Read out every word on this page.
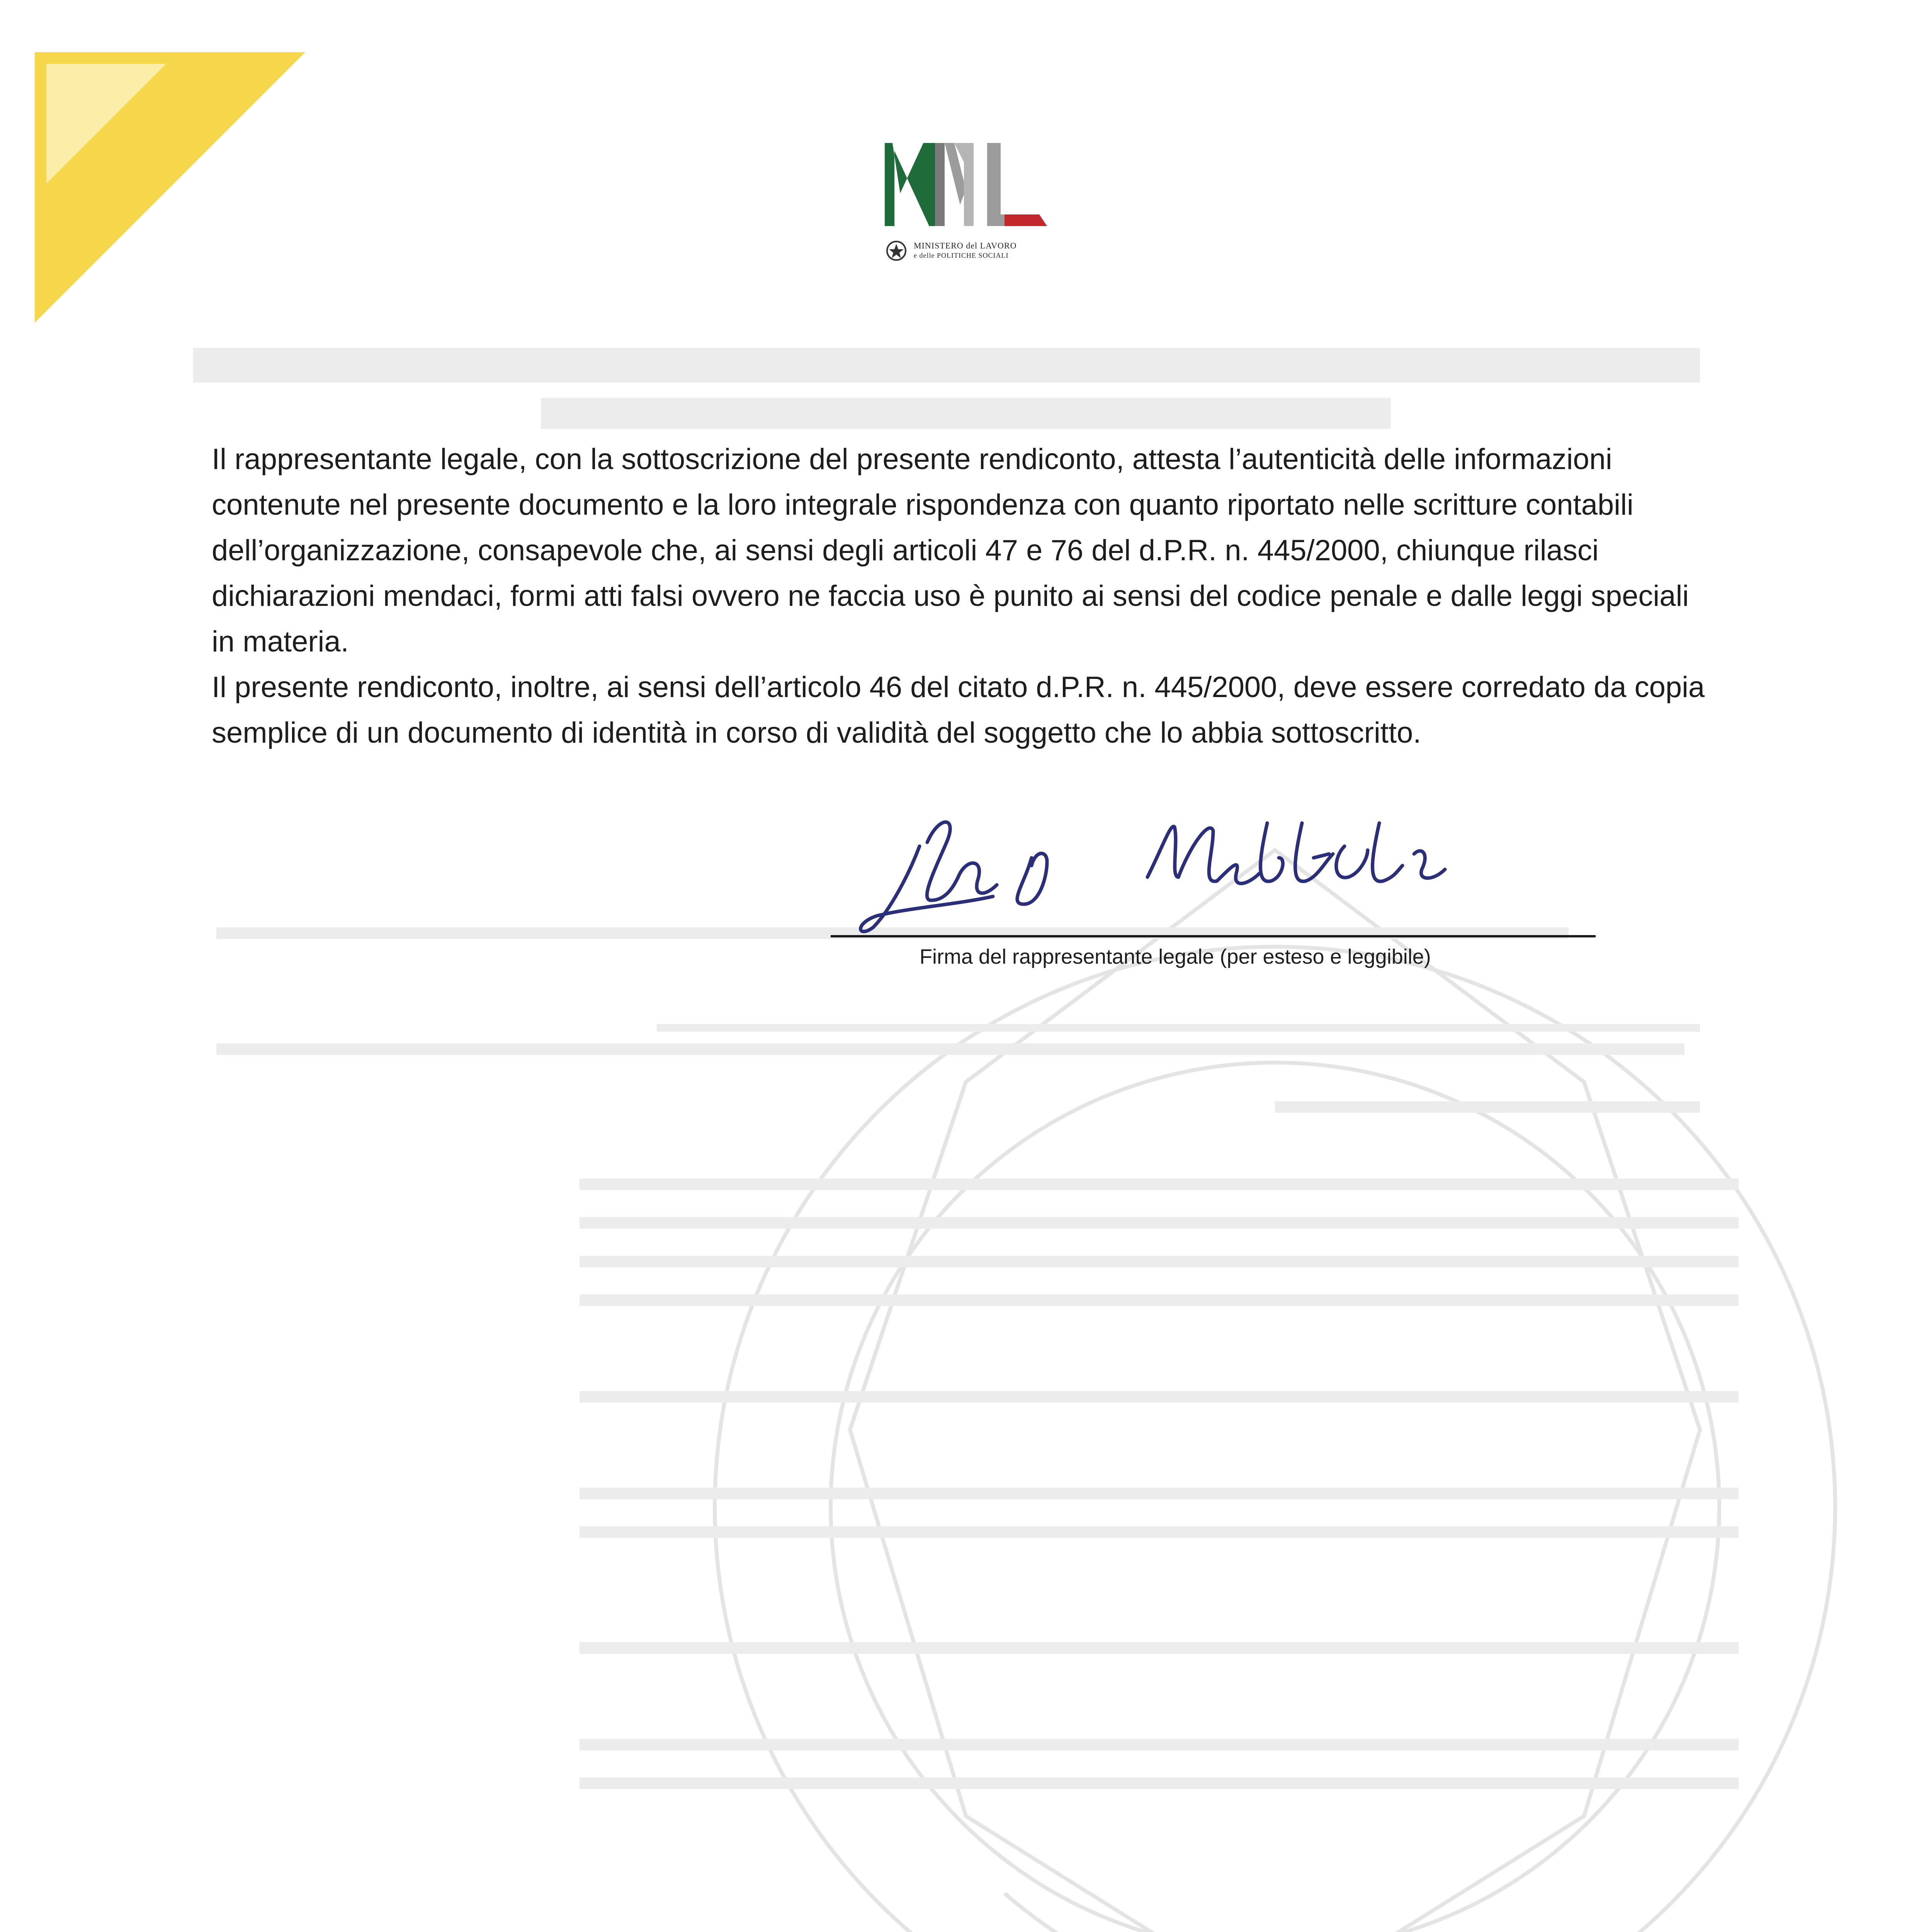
MINISTERO del LAVORO
e delle POLITICHE SOCIALI

Il rappresentante legale, con la sottoscrizione del presente rendiconto, attesta l’autenticità delle informazioni contenute nel presente documento e la loro integrale rispondenza con quanto riportato nelle scritture contabili dell’organizzazione, consapevole che, ai sensi degli articoli 47 e 76 del d.P.R. n. 445/2000, chiunque rilasci dichiarazioni mendaci, formi atti falsi ovvero ne faccia uso è punito ai sensi del codice penale e dalle leggi speciali in materia.

Il presente rendiconto, inoltre, ai sensi dell’articolo 46 del citato d.P.R. n. 445/2000, deve essere corredato da copia semplice di un documento di identità in corso di validità del soggetto che lo abbia sottoscritto.

Firma del rappresentante legale (per esteso e leggibile)
